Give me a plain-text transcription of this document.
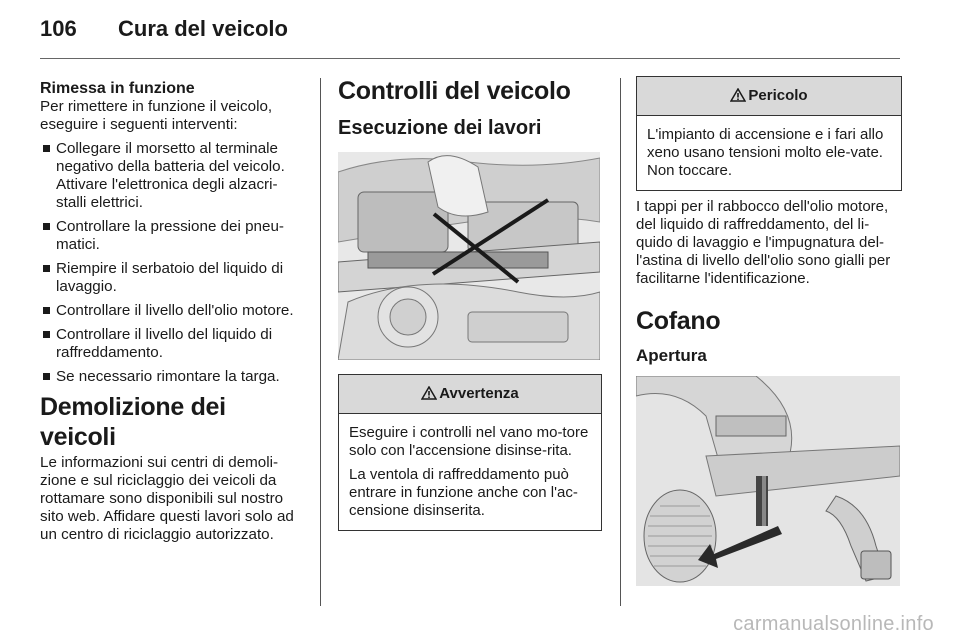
106 Cura del veicolo
Rimessa in funzione

Per rimettere in funzione il veicolo, eseguire i seguenti interventi:

Collegare il morsetto al terminale negativo della batteria del veicolo. Attivare l'elettronica degli alzacri-stalli elettrici.
Controllare la pressione dei pneu-matici.
Riempire il serbatoio del liquido di lavaggio.
Controllare il livello dell'olio motore.
Controllare il livello del liquido di raffreddamento.
Se necessario rimontare la targa.
Demolizione dei veicoli

Le informazioni sui centri di demoli-zione e sul riciclaggio dei veicoli da rottamare sono disponibili sul nostro sito web. Affidare questi lavori solo ad un centro di riciclaggio autorizzato.

Controlli del veicolo
Esecuzione dei lavori
Avvertenza

Eseguire i controlli nel vano mo-tore solo con l'accensione disinse-rita.

La ventola di raffreddamento può entrare in funzione anche con l'ac-censione disinserita.

Pericolo

L'impianto di accensione e i fari allo xeno usano tensioni molto ele-vate. Non toccare.

I tappi per il rabbocco dell'olio motore, del liquido di raffreddamento, del li-quido di lavaggio e l'impugnatura del-l'astina di livello dell'olio sono gialli per facilitarne l'identificazione.

Cofano
Apertura
carmanualsonline.info
